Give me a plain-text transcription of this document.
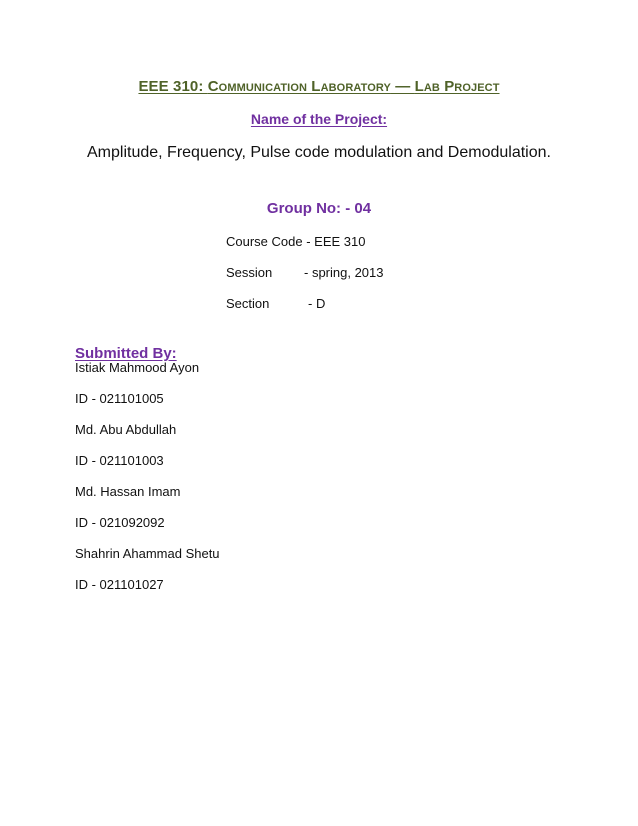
EEE 310: Communication Laboratory — Lab Project
Name of the Project:
Amplitude, Frequency, Pulse code modulation and Demodulation.
Group No: - 04
Course Code - EEE 310
Session - spring, 2013
Section	- D
Submitted By:
Istiak Mahmood Ayon
ID - 021101005
Md. Abu Abdullah
ID - 021101003
Md. Hassan Imam
ID - 021092092
Shahrin Ahammad Shetu
ID - 021101027
